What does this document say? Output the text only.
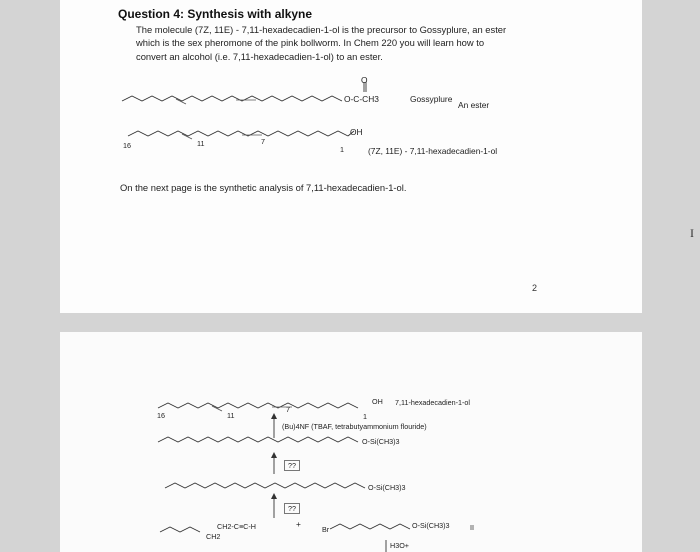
Question 4: Synthesis with alkyne
The molecule (7Z, 11E) - 7,11-hexadecadien-1-ol is the precursor to Gossyplure, an ester
which is the sex pheromone of the pink bollworm. In Chem 220 you will learn how to
convert an alcohol (i.e. 7,11-hexadecadien-1-ol) to an ester.
O
O-C-CH3	Gossyplure
An ester
OH
16	11	7
1	(7Z, 11E) - 7,11-hexadecadien-1-ol
On the next page is the synthetic analysis of 7,11-hexadecadien-1-ol.
2
16	11
7
1
OH 7,11-hexadecadien-1-ol
(Bu)4NF (TBAF, tetrabutyammonium flouride)
O-Si(CH3)3
??
O-Si(CH3)3
??
CH2-C≡C-H
CH2
+
Br	O-Si(CH3)3	II
H3O+
I
